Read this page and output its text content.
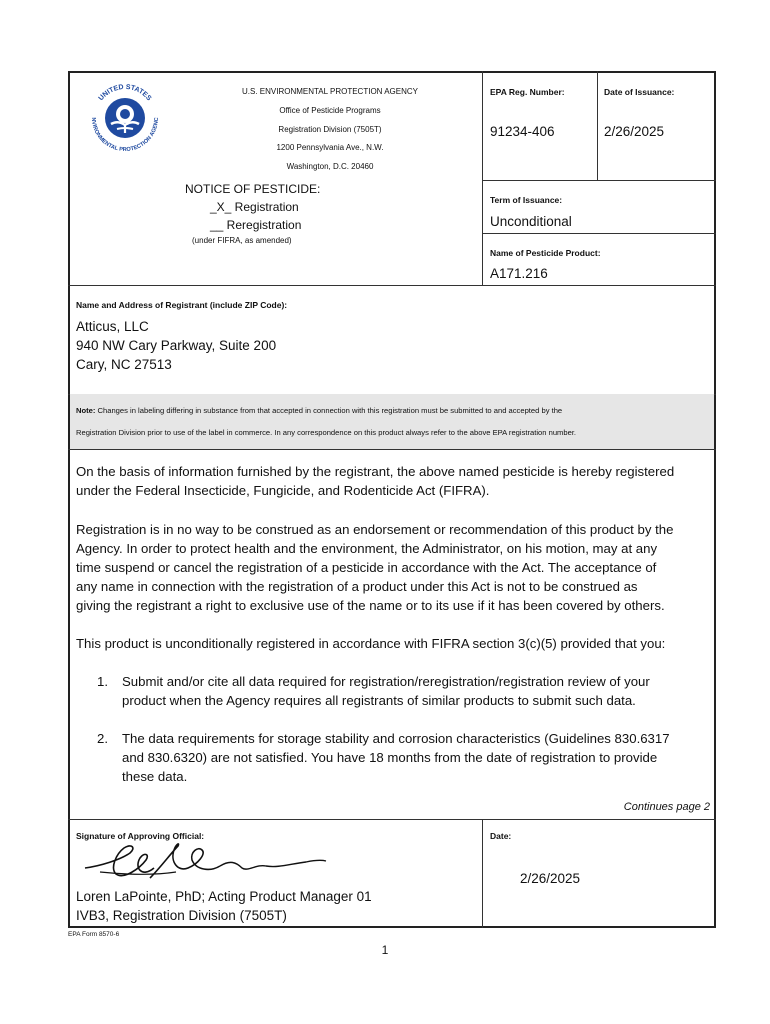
UNITED STATES
NVIRONMENTAL PROTECTION AGENC
U.S. ENVIRONMENTAL PROTECTION AGENCY
Office of Pesticide Programs
Registration Division (7505T)
1200 Pennsylvania Ave., N.W.
Washington, D.C. 20460
NOTICE OF PESTICIDE:
_X_ Registration
__ Reregistration
(under FIFRA, as amended)
EPA Reg. Number:
91234-406
Date of Issuance:
2/26/2025
Term of Issuance:
Unconditional
Name of Pesticide Product:
A171.216
Name and Address of Registrant (include ZIP Code):
Atticus, LLC
940 NW Cary Parkway, Suite 200
Cary, NC 27513
Note: Changes in labeling differing in substance from that accepted in connection with this registration must be submitted to and accepted by the
Registration Division prior to use of the label in commerce. In any correspondence on this product always refer to the above EPA registration number.
On the basis of information furnished by the registrant, the above named pesticide is hereby registered
under the Federal Insecticide, Fungicide, and Rodenticide Act (FIFRA).
Registration is in no way to be construed as an endorsement or recommendation of this product by the
Agency. In order to protect health and the environment, the Administrator, on his motion, may at any
time suspend or cancel the registration of a pesticide in accordance with the Act. The acceptance of
any name in connection with the registration of a product under this Act is not to be construed as
giving the registrant a right to exclusive use of the name or to its use if it has been covered by others.
This product is unconditionally registered in accordance with FIFRA section 3(c)(5) provided that you:
1. Submit and/or cite all data required for registration/reregistration/registration review of your
product when the Agency requires all registrants of similar products to submit such data.
2. The data requirements for storage stability and corrosion characteristics (Guidelines 830.6317
and 830.6320) are not satisfied. You have 18 months from the date of registration to provide
these data.
Continues page 2
Signature of Approving Official:
Loren LaPointe, PhD; Acting Product Manager 01
IVB3, Registration Division (7505T)
Date:
2/26/2025
EPA Form 8570-6
1
